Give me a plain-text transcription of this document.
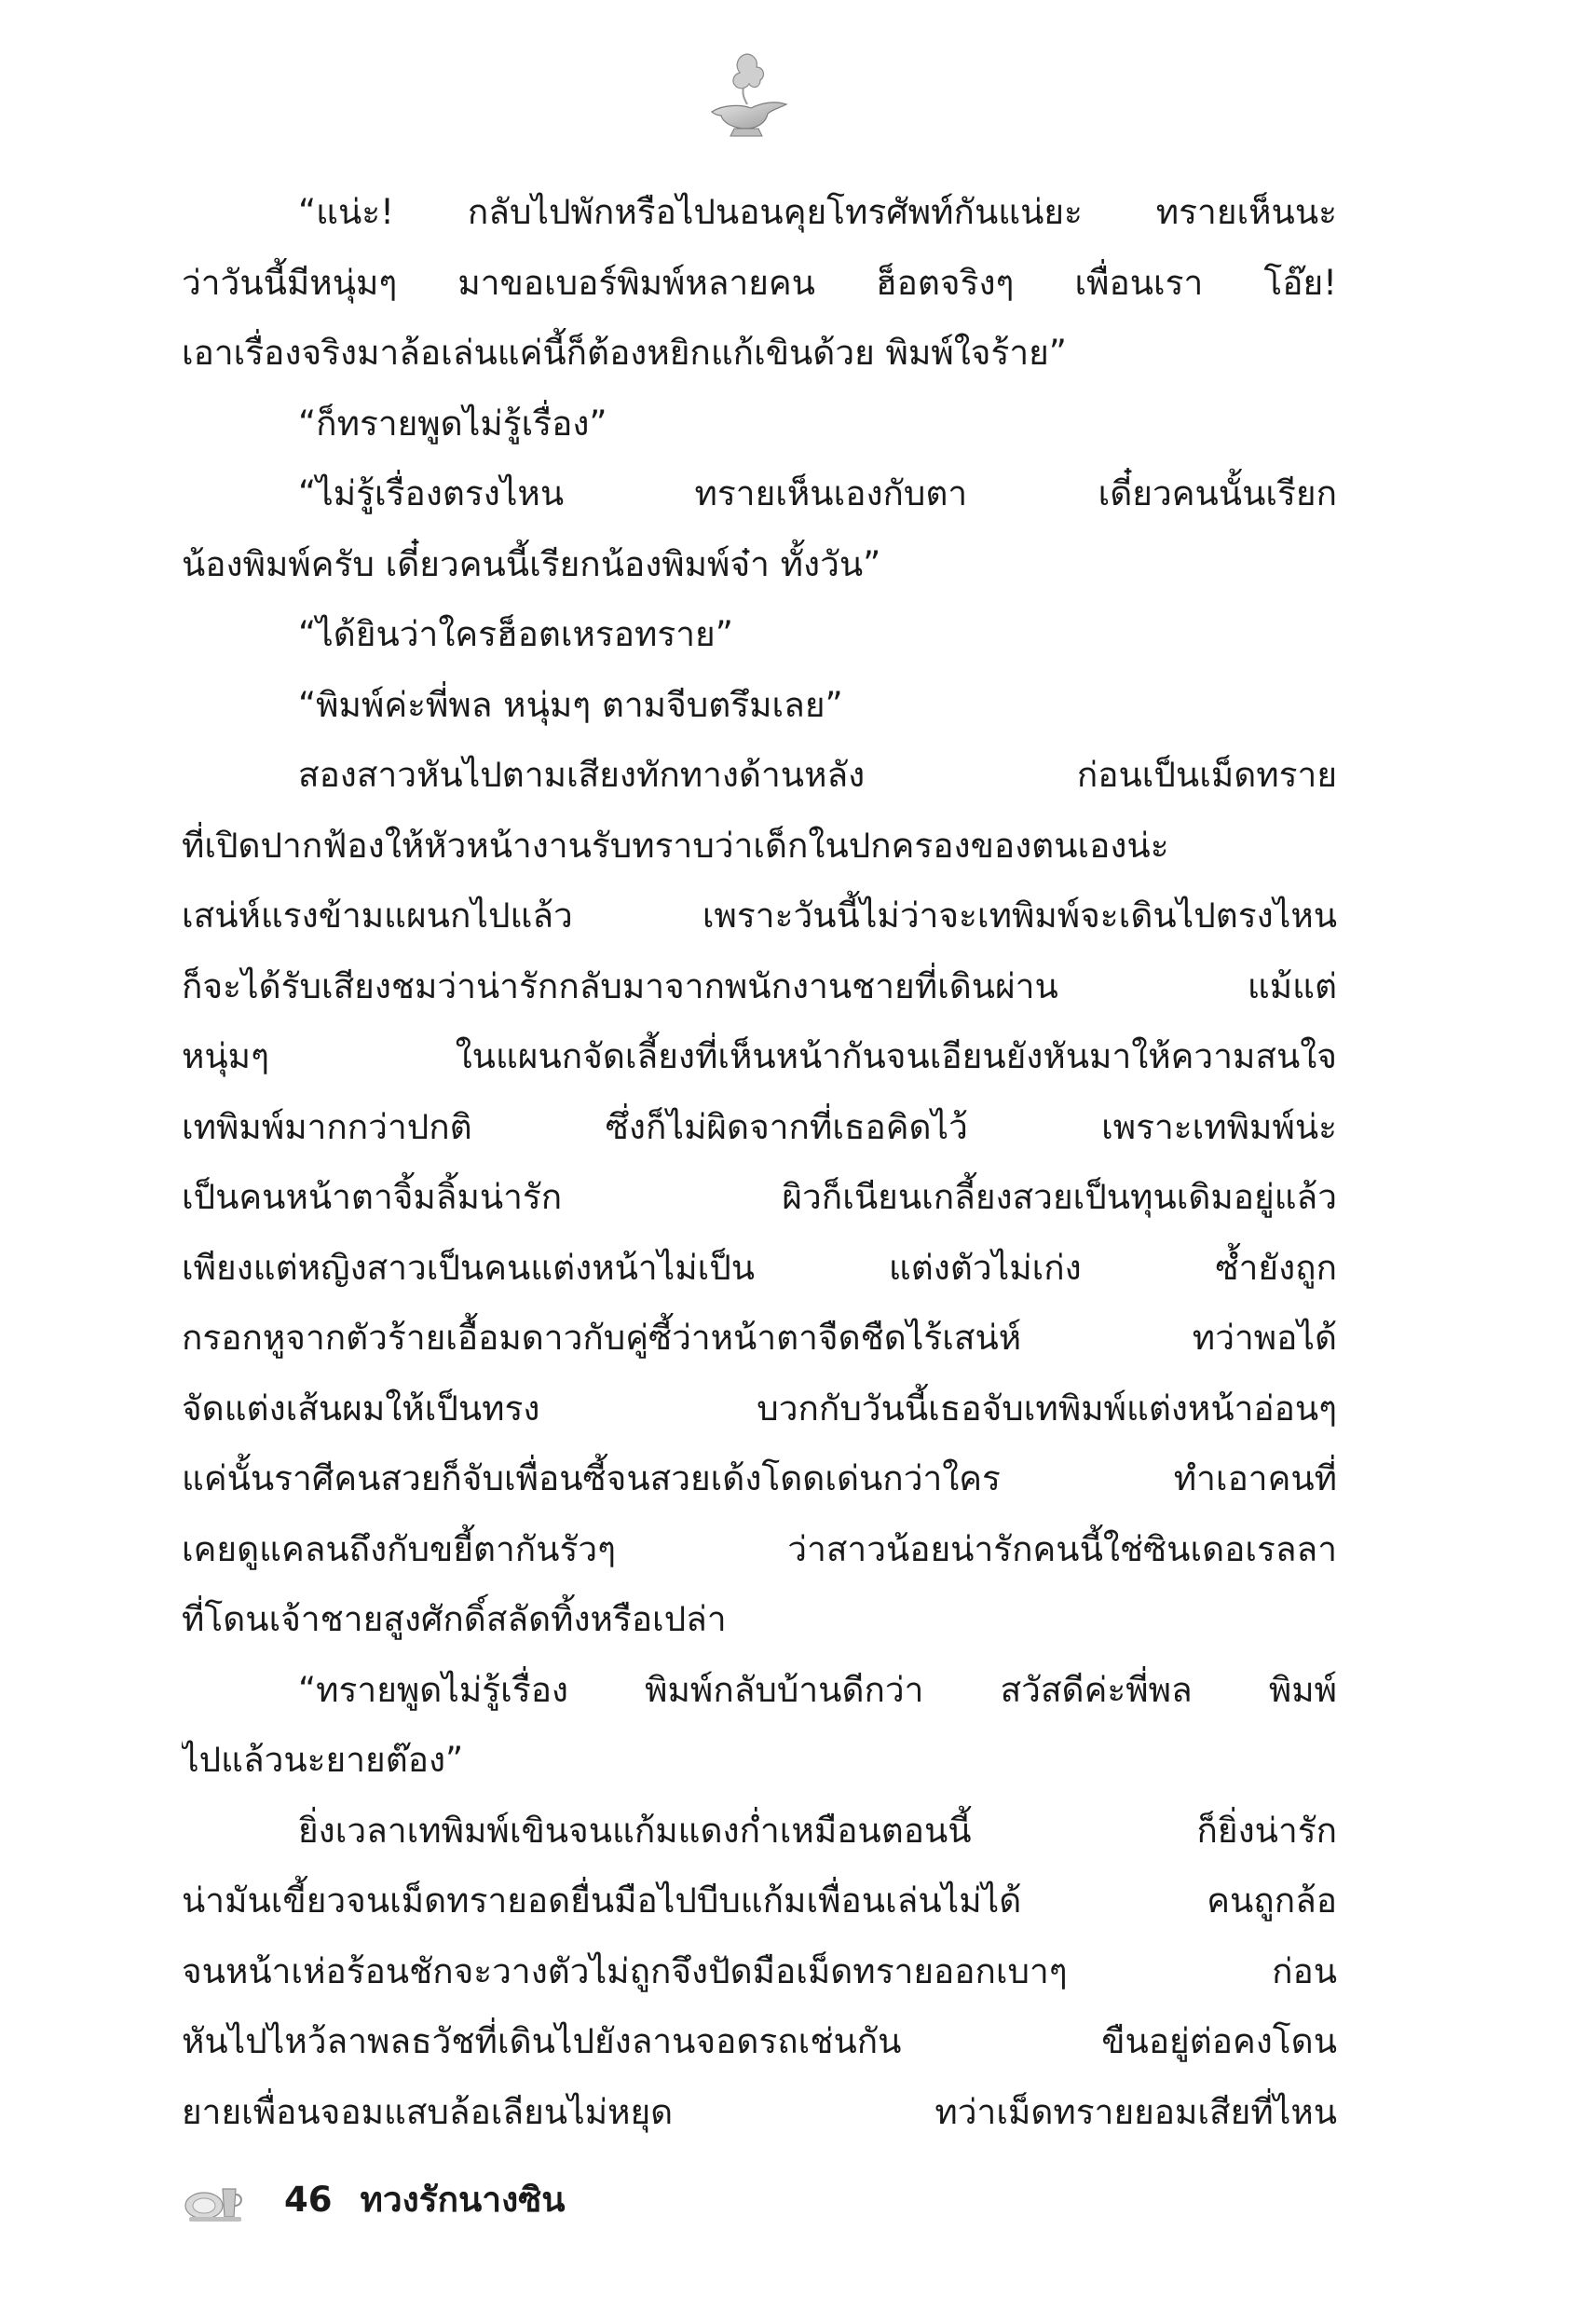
“แน่ะ! กลับไปพักหรือไปนอนคุยโทรศัพท์กันแน่ยะ ทรายเห็นนะ
ว่าวันนี้มีหนุ่มๆ มาขอเบอร์พิมพ์หลายคน ฮ็อตจริงๆ เพื่อนเรา โอ๊ย!
เอาเรื่องจริงมาล้อเล่นแค่นี้ก็ต้องหยิกแก้เขินด้วย พิมพ์ใจร้าย”
“ก็ทรายพูดไม่รู้เรื่อง”
“ไม่รู้เรื่องตรงไหน ทรายเห็นเองกับตา เดี๋ยวคนนั้นเรียก
น้องพิมพ์ครับ เดี๋ยวคนนี้เรียกน้องพิมพ์จ๋า ทั้งวัน”
“ได้ยินว่าใครฮ็อตเหรอทราย”
“พิมพ์ค่ะพี่พล หนุ่มๆ ตามจีบตรึมเลย”
สองสาวหันไปตามเสียงทักทางด้านหลัง ก่อนเป็นเม็ดทราย
ที่เปิดปากฟ้องให้หัวหน้างานรับทราบว่าเด็กในปกครองของตนเองน่ะ
เสน่ห์แรงข้ามแผนกไปแล้ว เพราะวันนี้ไม่ว่าจะเทพิมพ์จะเดินไปตรงไหน
ก็จะได้รับเสียงชมว่าน่ารักกลับมาจากพนักงานชายที่เดินผ่าน แม้แต่
หนุ่มๆ ในแผนกจัดเลี้ยงที่เห็นหน้ากันจนเอียนยังหันมาให้ความสนใจ
เทพิมพ์มากกว่าปกติ ซึ่งก็ไม่ผิดจากที่เธอคิดไว้ เพราะเทพิมพ์น่ะ
เป็นคนหน้าตาจิ้มลิ้มน่ารัก ผิวก็เนียนเกลี้ยงสวยเป็นทุนเดิมอยู่แล้ว
เพียงแต่หญิงสาวเป็นคนแต่งหน้าไม่เป็น แต่งตัวไม่เก่ง ซ้ำยังถูก
กรอกหูจากตัวร้ายเอื้อมดาวกับคู่ซี้ว่าหน้าตาจืดชืดไร้เสน่ห์ ทว่าพอได้
จัดแต่งเส้นผมให้เป็นทรง บวกกับวันนี้เธอจับเทพิมพ์แต่งหน้าอ่อนๆ
แค่นั้นราศีคนสวยก็จับเพื่อนซี้จนสวยเด้งโดดเด่นกว่าใคร ทำเอาคนที่
เคยดูแคลนถึงกับขยี้ตากันรัวๆ ว่าสาวน้อยน่ารักคนนี้ใช่ซินเดอเรลลา
ที่โดนเจ้าชายสูงศักดิ์สลัดทิ้งหรือเปล่า
“ทรายพูดไม่รู้เรื่อง พิมพ์กลับบ้านดีกว่า สวัสดีค่ะพี่พล พิมพ์
ไปแล้วนะยายต๊อง”
ยิ่งเวลาเทพิมพ์เขินจนแก้มแดงก่ำเหมือนตอนนี้ ก็ยิ่งน่ารัก
น่ามันเขี้ยวจนเม็ดทรายอดยื่นมือไปบีบแก้มเพื่อนเล่นไม่ได้ คนถูกล้อ
จนหน้าเห่อร้อนชักจะวางตัวไม่ถูกจึงปัดมือเม็ดทรายออกเบาๆ ก่อน
หันไปไหว้ลาพลธวัชที่เดินไปยังลานจอดรถเช่นกัน ขืนอยู่ต่อคงโดน
ยายเพื่อนจอมแสบล้อเลียนไม่หยุด ทว่าเม็ดทรายยอมเสียที่ไหน
46 ทวงรักนางซิน
